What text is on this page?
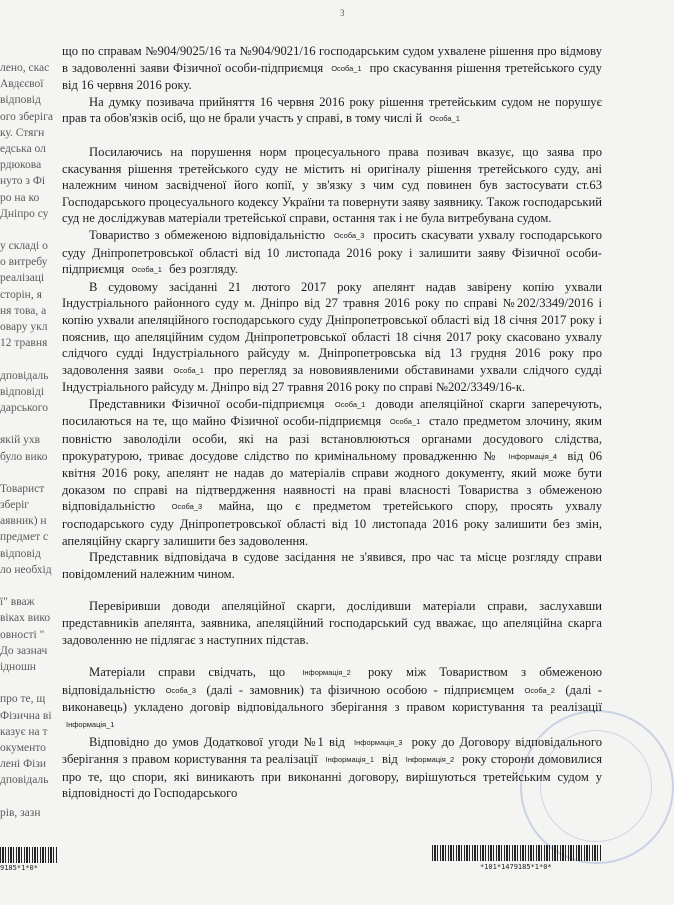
3
лено, скас
Авдєєвої
відповід
ого зберіга
ку. Стягн
едська ол
рдюкова
нуто з Фі
ро на ко
Дніпро су
у складі о
о витребу
реалізаці
сторін, я
ня това, а
овару укл
12 травня
дповідаль
відповіді
дарського
якій ухв
було вико
Товарист
зберіг
аявник) н
предмет с
відповід
ло необхід
ї" вваж
віках вико
овності "
До зазнач
ідношн
про те, щ
Фізична ві
казує на т
окументо
лені Фізи
дповідаль
рів, зазн

що по справам №904/9025/16 та №904/9021/16 господарським судом ухвалене рішення про відмову в задоволенні заяви Фізичної особи-підприємця Особа_1 про скасування рішення третейського суду від 16 червня 2016 року.

На думку позивача прийняття 16 червня 2016 року рішення третейським судом не порушує прав та обов'язків осіб, що не брали участь у справі, в тому числі й Особа_1

Посилаючись на порушення норм процесуального права позивач вказує, що заява про скасування рішення третейського суду не містить ні оригіналу рішення третейського суду, ані належним чином засвідченої його копії, у зв'язку з чим суд повинен був застосувати ст.63 Господарського процесуального кодексу України та повернути заяву заявнику. Також господарський суд не досліджував матеріали третейської справи, остання так і не була витребувана судом.

Товариство з обмеженою відповідальністю Особа_3 просить скасувати ухвалу господарського суду Дніпропетровської області від 10 листопада 2016 року і залишити заяву Фізичної особи-підприємця Особа_1 без розгляду.

В судовому засіданні 21 лютого 2017 року апелянт надав завірену копію ухвали Індустріального районного суду м. Дніпро від 27 травня 2016 року по справі №202/3349/2016 і копію ухвали апеляційного господарського суду Дніпропетровської області від 18 січня 2017 року і пояснив, що апеляційним судом Дніпропетровської області 18 січня 2017 року скасовано ухвалу слідчого судді Індустріального райсуду м. Дніпропетровська від 13 грудня 2016 року про задоволення заяви Особа_1 про перегляд за нововиявленими обставинами ухвали слідчого судді Індустріального райсуду м. Дніпро від 27 травня 2016 року по справі №202/3349/16-к.

Представники Фізичної особи-підприємця Особа_1 доводи апеляційної скарги заперечують, посилаються на те, що майно Фізичної особи-підприємця Особа_1 стало предметом злочину, яким повністю заволоділи особи, які на разі встановлюються органами досудового слідства, прокуратурою, триває досудове слідство по кримінальному провадженню № Інформація_4 від 06 квітня 2016 року, апелянт не надав до матеріалів справи жодного документу, який може бути доказом по справі на підтвердження наявності на праві власності Товариства з обмеженою відповідальністю Особа_3 майна, що є предметом третейського спору, просять ухвалу господарського суду Дніпропетровської області від 10 листопада 2016 року залишити без змін, апеляційну скаргу залишити без задоволення.

Представник відповідача в судове засідання не з'явився, про час та місце розгляду справи повідомлений належним чином.

Перевіривши доводи апеляційної скарги, дослідивши матеріали справи, заслухавши представників апелянта, заявника, апеляційний господарський суд вважає, що апеляційна скарга задоволенню не підлягає з наступних підстав.

Матеріали справи свідчать, що Інформація_2 року між Товариством з обмеженою відповідальністю Особа_3 (далі - замовник) та фізичною особою - підприємцем Особа_2 (далі - виконавець) укладено договір відповідального зберігання з правом користування та реалізації Інформація_1

Відповідно до умов Додаткової угоди №1 від Інформація_3 року до Договору відповідального зберігання з правом користування та реалізації Інформація_1 від Інформація_2 року сторони домовилися про те, що спори, які виникають при виконанні договору, вирішуються третейським судом у відповідності до Господарського

9185*1*0*	*101*1479185*1*0*
